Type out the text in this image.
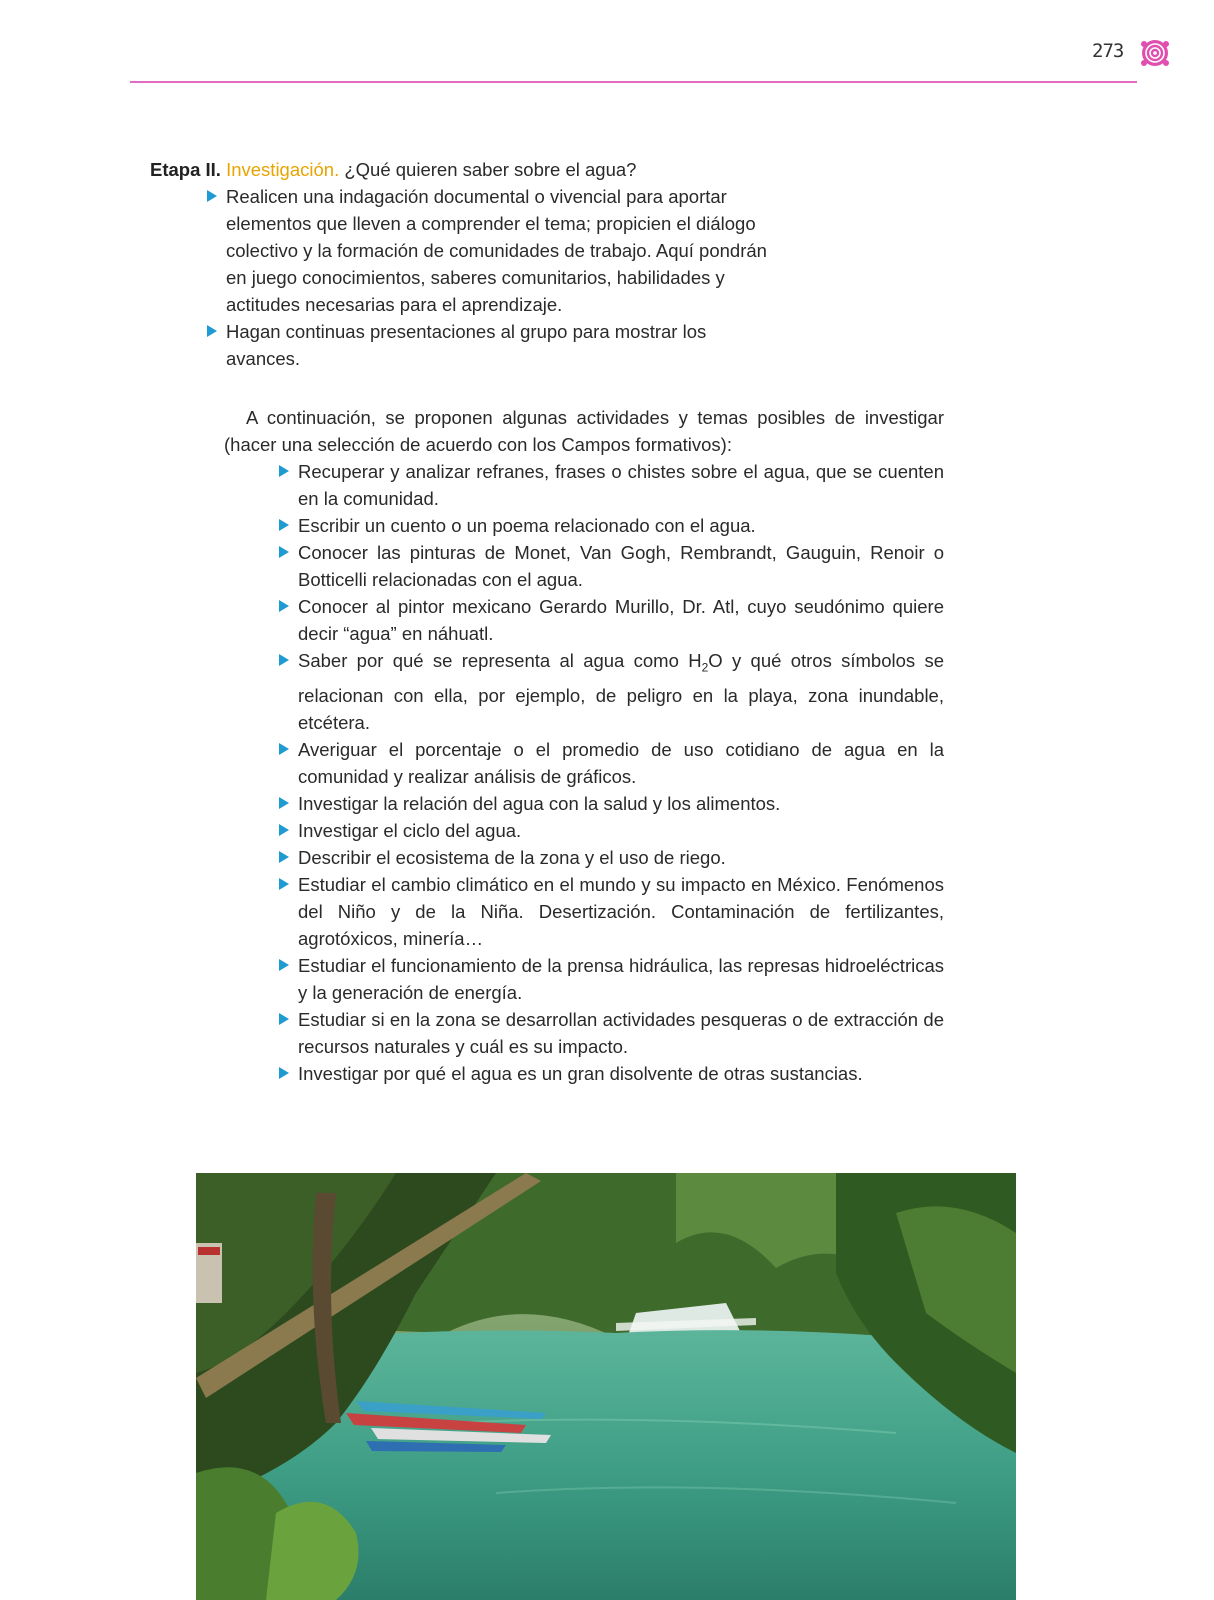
273

Etapa II. Investigación. ¿Qué quieren saber sobre el agua?

Realicen una indagación documental o vivencial para aportar elementos que lleven a comprender el tema; propicien el diálogo colectivo y la formación de comunidades de trabajo. Aquí pondrán en juego conocimientos, saberes comunitarios, habilidades y actitudes necesarias para el aprendizaje.
Hagan continuas presentaciones al grupo para mostrar los avances.

A continuación, se proponen algunas actividades y temas posibles de investigar (hacer una selección de acuerdo con los Campos formativos):

Recuperar y analizar refranes, frases o chistes sobre el agua, que se cuenten en la comunidad.
Escribir un cuento o un poema relacionado con el agua.
Conocer las pinturas de Monet, Van Gogh, Rembrandt, Gauguin, Renoir o Botticelli relacionadas con el agua.
Conocer al pintor mexicano Gerardo Murillo, Dr. Atl, cuyo seudónimo quiere decir “agua” en náhuatl.
Saber por qué se representa al agua como $H_2O$ y qué otros símbolos se relacionan con ella, por ejemplo, de peligro en la playa, zona inundable, etcétera.
Averiguar el porcentaje o el promedio de uso cotidiano de agua en la comunidad y realizar análisis de gráficos.
Investigar la relación del agua con la salud y los alimentos.
Investigar el ciclo del agua.
Describir el ecosistema de la zona y el uso de riego.
Estudiar el cambio climático en el mundo y su impacto en México. Fenómenos del Niño y de la Niña. Desertización. Contaminación de fertilizantes, agrotóxicos, minería…
Estudiar el funcionamiento de la prensa hidráulica, las represas hidroeléctricas y la generación de energía.
Estudiar si en la zona se desarrollan actividades pesqueras o de extracción de recursos naturales y cuál es su impacto.
Investigar por qué el agua es un gran disolvente de otras sustancias.
